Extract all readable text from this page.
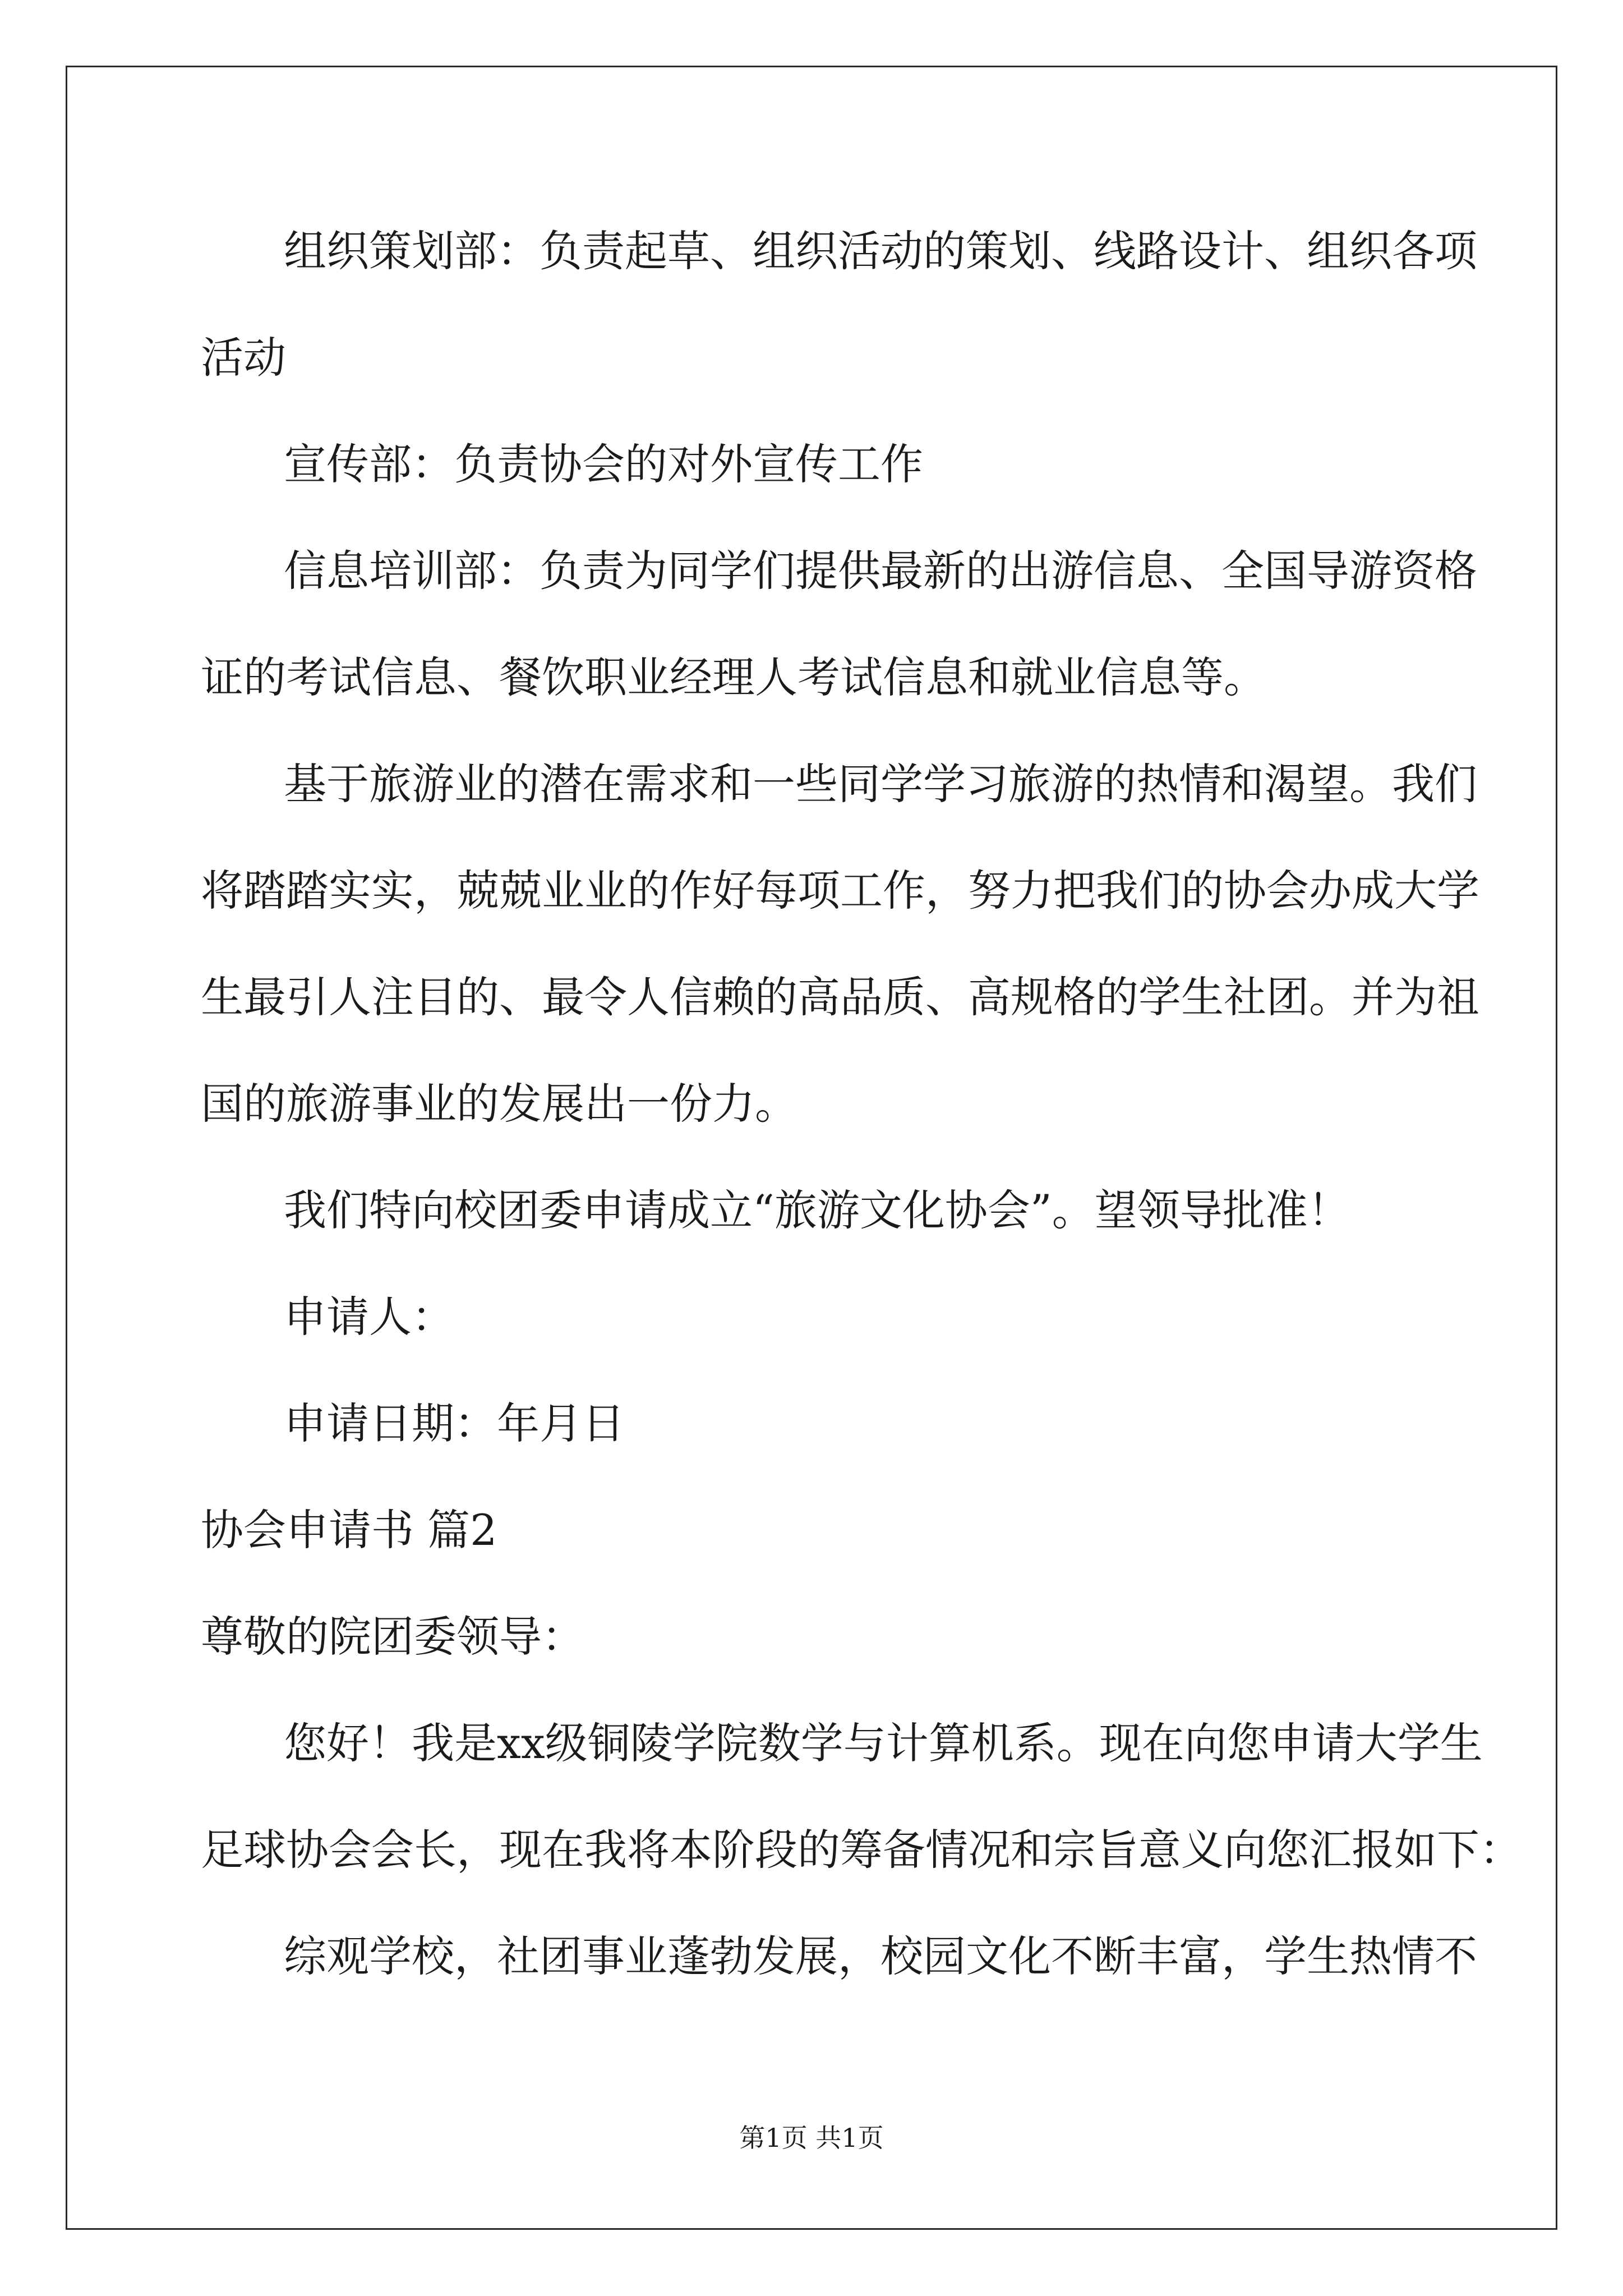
组织策划部：负责起草、组织活动的策划、线路设计、组织各项
活动
宣传部：负责协会的对外宣传工作
信息培训部：负责为同学们提供最新的出游信息、全国导游资格
证的考试信息、餐饮职业经理人考试信息和就业信息等。
基于旅游业的潜在需求和一些同学学习旅游的热情和渴望。我们
将踏踏实实，兢兢业业的作好每项工作，努力把我们的协会办成大学
生最引人注目的、最令人信赖的高品质、高规格的学生社团。并为祖
国的旅游事业的发展出一份力。
我们特向校团委申请成立“旅游文化协会”。望领导批准！
申请人：
申请日期：年月日
协会申请书 篇2
尊敬的院团委领导：
您好！我是xx级铜陵学院数学与计算机系。现在向您申请大学生
足球协会会长，现在我将本阶段的筹备情况和宗旨意义向您汇报如下：
综观学校，社团事业蓬勃发展，校园文化不断丰富，学生热情不
第1页 共1页
